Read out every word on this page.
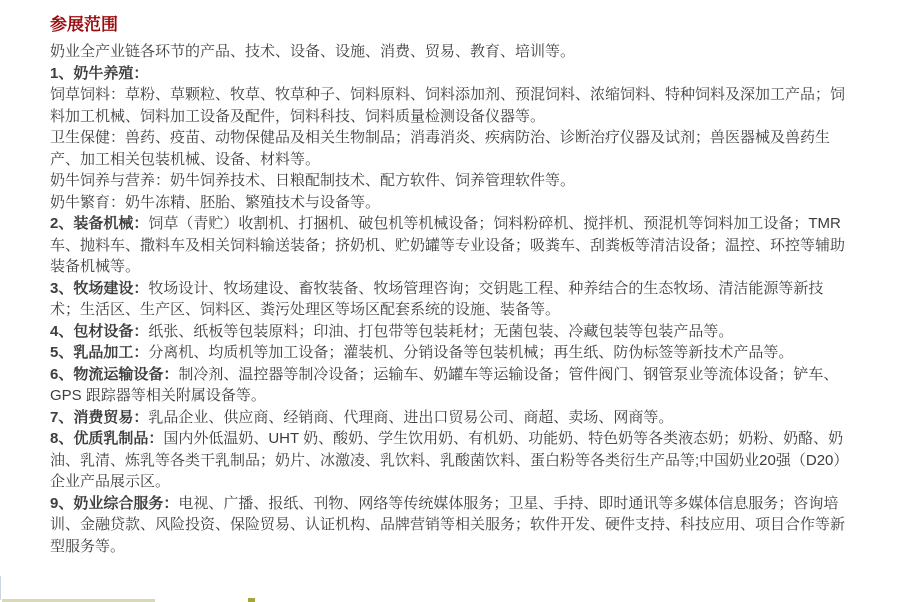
参展范围

奶业全产业链各环节的产品、技术、设备、设施、消费、贸易、教育、培训等。

1、奶牛养殖：

饲草饲料：草粉、草颗粒、牧草、牧草种子、饲料原料、饲料添加剂、预混饲料、浓缩饲料、特种饲料及深加工产品；饲料加工机械、饲料加工设备及配件，饲料科技、饲料质量检测设备仪器等。

卫生保健：兽药、疫苗、动物保健品及相关生物制品；消毒消炎、疾病防治、诊断治疗仪器及试剂；兽医器械及兽药生产、加工相关包装机械、设备、材料等。

奶牛饲养与营养：奶牛饲养技术、日粮配制技术、配方软件、饲养管理软件等。

奶牛繁育：奶牛冻精、胚胎、繁殖技术与设备等。

2、装备机械：饲草（青贮）收割机、打捆机、破包机等机械设备；饲料粉碎机、搅拌机、预混机等饲料加工设备；TMR车、抛料车、撒料车及相关饲料输送装备；挤奶机、贮奶罐等专业设备；吸粪车、刮粪板等清洁设备；温控、环控等辅助装备机械等。

3、牧场建设：牧场设计、牧场建设、畜牧装备、牧场管理咨询；交钥匙工程、种养结合的生态牧场、清洁能源等新技术；生活区、生产区、饲料区、粪污处理区等场区配套系统的设施、装备等。

4、包材设备：纸张、纸板等包装原料；印油、打包带等包装耗材；无菌包装、冷藏包装等包装产品等。

5、乳品加工：分离机、均质机等加工设备；灌装机、分销设备等包装机械；再生纸、防伪标签等新技术产品等。

6、物流运输设备：制冷剂、温控器等制冷设备；运输车、奶罐车等运输设备；管件阀门、钢管泵业等流体设备；铲车、GPS 跟踪器等相关附属设备等。

7、消费贸易：乳品企业、供应商、经销商、代理商、进出口贸易公司、商超、卖场、网商等。

8、优质乳制品：国内外低温奶、UHT 奶、酸奶、学生饮用奶、有机奶、功能奶、特色奶等各类液态奶；奶粉、奶酪、奶油、乳清、炼乳等各类干乳制品；奶片、冰激凌、乳饮料、乳酸菌饮料、蛋白粉等各类衍生产品等;中国奶业20强（D20）企业产品展示区。

9、奶业综合服务：电视、广播、报纸、刊物、网络等传统媒体服务；卫星、手持、即时通讯等多媒体信息服务；咨询培训、金融贷款、风险投资、保险贸易、认证机构、品牌营销等相关服务；软件开发、硬件支持、科技应用、项目合作等新型服务等。
